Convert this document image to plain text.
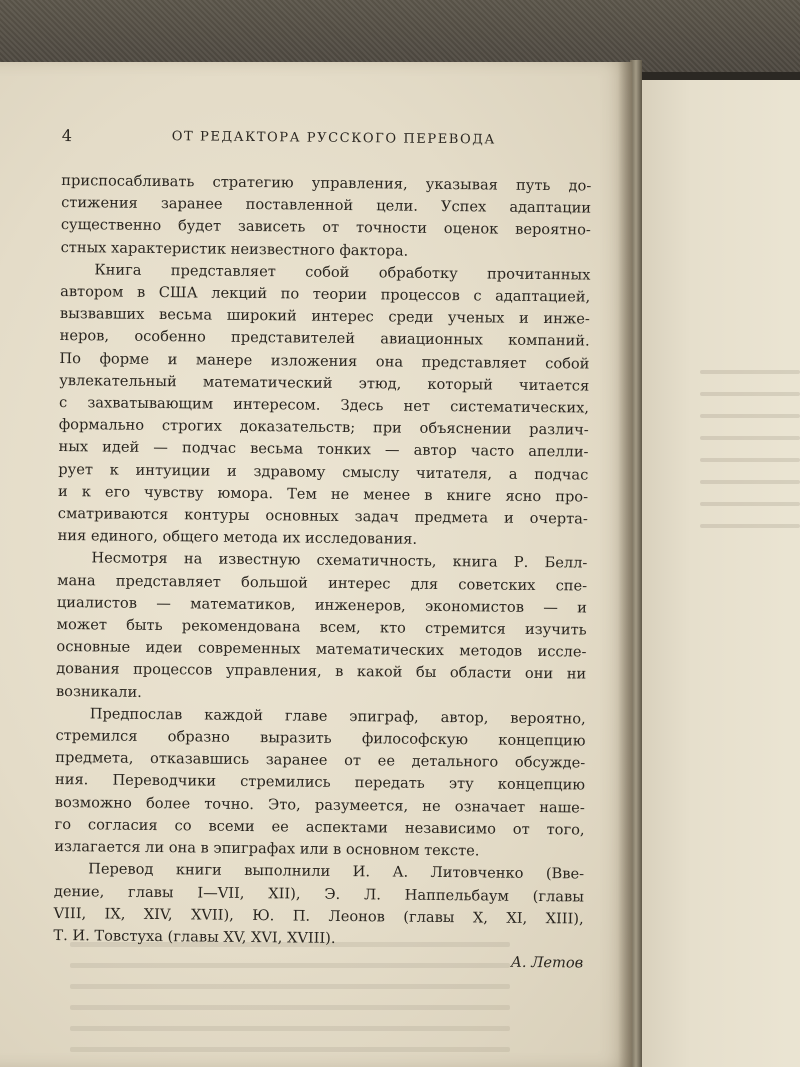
4	ОТ РЕДАКТОРА РУССКОГО ПЕРЕВОДА

приспосабливать стратегию управления, указывая путь до-
стижения заранее поставленной цели. Успех адаптации
существенно будет зависеть от точности оценок вероятно-
стных характеристик неизвестного фактора.

Книга представляет собой обработку прочитанных
автором в США лекций по теории процессов с адаптацией,
вызвавших весьма широкий интерес среди ученых и инже-
неров, особенно представителей авиационных компаний.
По форме и манере изложения она представляет собой
увлекательный математический этюд, который читается
с захватывающим интересом. Здесь нет систематических,
формально строгих доказательств; при объяснении различ-
ных идей — подчас весьма тонких — автор часто апелли-
рует к интуиции и здравому смыслу читателя, а подчас
и к его чувству юмора. Тем не менее в книге ясно про-
сматриваются контуры основных задач предмета и очерта-
ния единого, общего метода их исследования.

Несмотря на известную схематичность, книга Р. Белл-
мана представляет большой интерес для советских спе-
циалистов — математиков, инженеров, экономистов — и
может быть рекомендована всем, кто стремится изучить
основные идеи современных математических методов иссле-
дования процессов управления, в какой бы области они ни
возникали.

Предпослав каждой главе эпиграф, автор, вероятно,
стремился образно выразить философскую концепцию
предмета, отказавшись заранее от ее детального обсужде-
ния. Переводчики стремились передать эту концепцию
возможно более точно. Это, разумеется, не означает наше-
го согласия со всеми ее аспектами независимо от того,
излагается ли она в эпиграфах или в основном тексте.

Перевод книги выполнили И. А. Литовченко (Вве-
дение, главы I—VII, XII), Э. Л. Наппельбаум (главы
VIII, IX, XIV, XVII), Ю. П. Леонов (главы X, XI, XIII),
Т. И. Товстуха (главы XV, XVI, XVIII).

А. Летов
